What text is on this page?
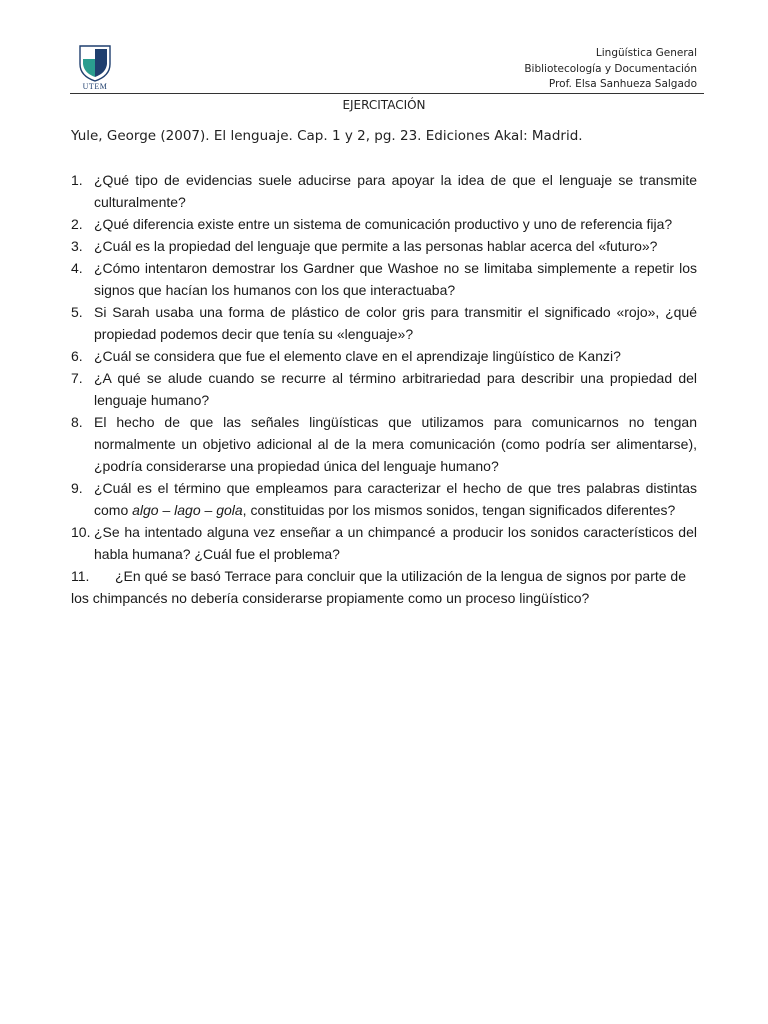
UTEM
Lingüística General
Bibliotecología y Documentación
Prof. Elsa Sanhueza Salgado
EJERCITACIÓN
Yule, George (2007). El lenguaje. Cap. 1 y 2, pg. 23. Ediciones Akal: Madrid.
1. ¿Qué tipo de evidencias suele aducirse para apoyar la idea de que el lenguaje se transmite culturalmente?
2. ¿Qué diferencia existe entre un sistema de comunicación productivo y uno de referencia fija?
3. ¿Cuál es la propiedad del lenguaje que permite a las personas hablar acerca del «futuro»?
4. ¿Cómo intentaron demostrar los Gardner que Washoe no se limitaba simplemente a repetir los signos que hacían los humanos con los que interactuaba?
5. Si Sarah usaba una forma de plástico de color gris para transmitir el significado «rojo», ¿qué propiedad podemos decir que tenía su «lenguaje»?
6. ¿Cuál se considera que fue el elemento clave en el aprendizaje lingüístico de Kanzi?
7. ¿A qué se alude cuando se recurre al término arbitrariedad para describir una propiedad del lenguaje humano?
8. El hecho de que las señales lingüísticas que utilizamos para comunicarnos no tengan normalmente un objetivo adicional al de la mera comunicación (como podría ser alimentarse), ¿podría considerarse una propiedad única del lenguaje humano?
9. ¿Cuál es el término que empleamos para caracterizar el hecho de que tres palabras distintas como algo – lago – gola, constituidas por los mismos sonidos, tengan significados diferentes?
10. ¿Se ha intentado alguna vez enseñar a un chimpancé a producir los sonidos característicos del habla humana? ¿Cuál fue el problema?
11. ¿En qué se basó Terrace para concluir que la utilización de la lengua de signos por parte de los chimpancés no debería considerarse propiamente como un proceso lingüístico?
